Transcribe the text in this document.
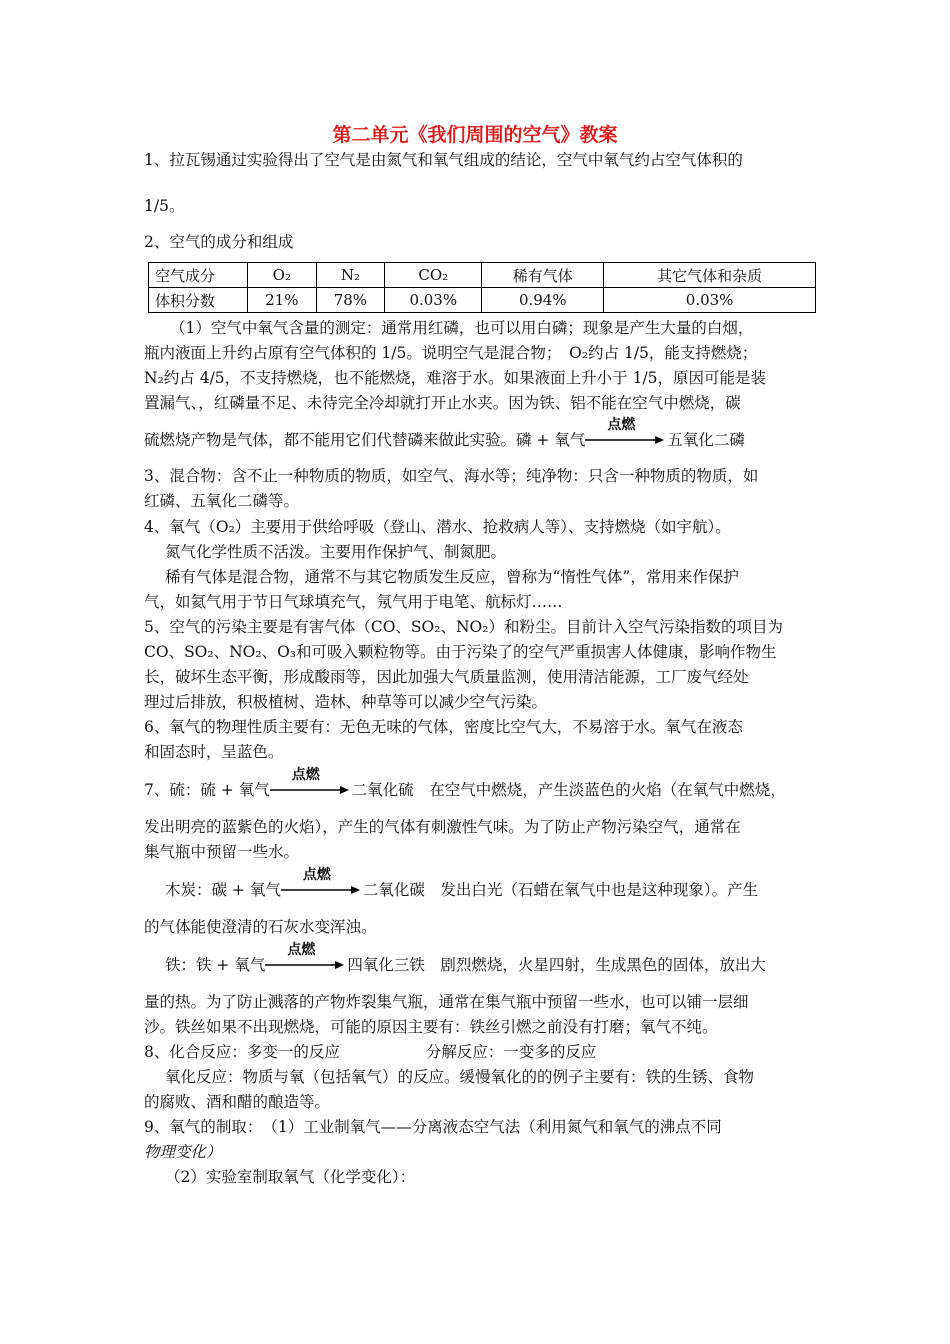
第二单元《我们周围的空气》教案
1、拉瓦锡通过实验得出了空气是由氮气和氧气组成的结论，空气中氧气约占空气体积的
1/5。
2、空气的成分和组成
空气成分	O₂	N₂	CO₂	稀有气体	其它气体和杂质
体积分数	21%	78%	0.03%	0.94%	0.03%
（1）空气中氧气含量的测定：通常用红磷，也可以用白磷；现象是产生大量的白烟，
瓶内液面上升约占原有空气体积的 1/5。说明空气是混合物；　O₂约占 1/5，能支持燃烧；
N₂约占 4/5，不支持燃烧，也不能燃烧，难溶于水。如果液面上升小于 1/5，原因可能是装
置漏气、，红磷量不足、未待完全冷却就打开止水夹。因为铁、铝不能在空气中燃烧，碳
硫燃烧产物是气体，都不能用它们代替磷来做此实验。磷 + 氧气
点燃
五氧化二磷
3、混合物：含不止一种物质的物质，如空气、海水等；纯净物：只含一种物质的物质，如
红磷、五氧化二磷等。
4、氧气（O₂）主要用于供给呼吸（登山、潜水、抢救病人等）、支持燃烧（如宇航）。
氮气化学性质不活泼。主要用作保护气、制氮肥。
稀有气体是混合物，通常不与其它物质发生反应，曾称为“惰性气体”，常用来作保护
气，如氦气用于节日气球填充气，氖气用于电笔、航标灯……
5、空气的污染主要是有害气体（CO、SO₂、NO₂）和粉尘。目前计入空气污染指数的项目为
CO、SO₂、NO₂、O₃和可吸入颗粒物等。由于污染了的空气严重损害人体健康，影响作物生
长，破坏生态平衡，形成酸雨等，因此加强大气质量监测，使用清洁能源，工厂废气经处
理过后排放，积极植树、造林、种草等可以减少空气污染。
6、氧气的物理性质主要有：无色无味的气体，密度比空气大，不易溶于水。氧气在液态
和固态时，呈蓝色。
7、硫：硫 + 氧气
点燃
二氧化硫　在空气中燃烧，产生淡蓝色的火焰（在氧气中燃烧，
发出明亮的蓝紫色的火焰），产生的气体有刺激性气味。为了防止产物污染空气，通常在
集气瓶中预留一些水。
木炭：碳 + 氧气
点燃
二氧化碳　发出白光（石蜡在氧气中也是这种现象）。产生
的气体能使澄清的石灰水变浑浊。
铁：铁 + 氧气
点燃
四氧化三铁　剧烈燃烧，火星四射，生成黑色的固体，放出大
量的热。为了防止溅落的产物炸裂集气瓶，通常在集气瓶中预留一些水，也可以铺一层细
沙。铁丝如果不出现燃烧，可能的原因主要有：铁丝引燃之前没有打磨；氧气不纯。
8、化合反应：多变一的反应	分解反应：一变多的反应
氧化反应：物质与氧（包括氧气）的反应。缓慢氧化的的例子主要有：铁的生锈、食物
的腐败、酒和醋的酿造等。
9、氧气的制取：　（1）工业制氧气——分离液态空气法（利用氮气和氧气的沸点不同
物理变化）
（2）实验室制取氧气（化学变化）：
